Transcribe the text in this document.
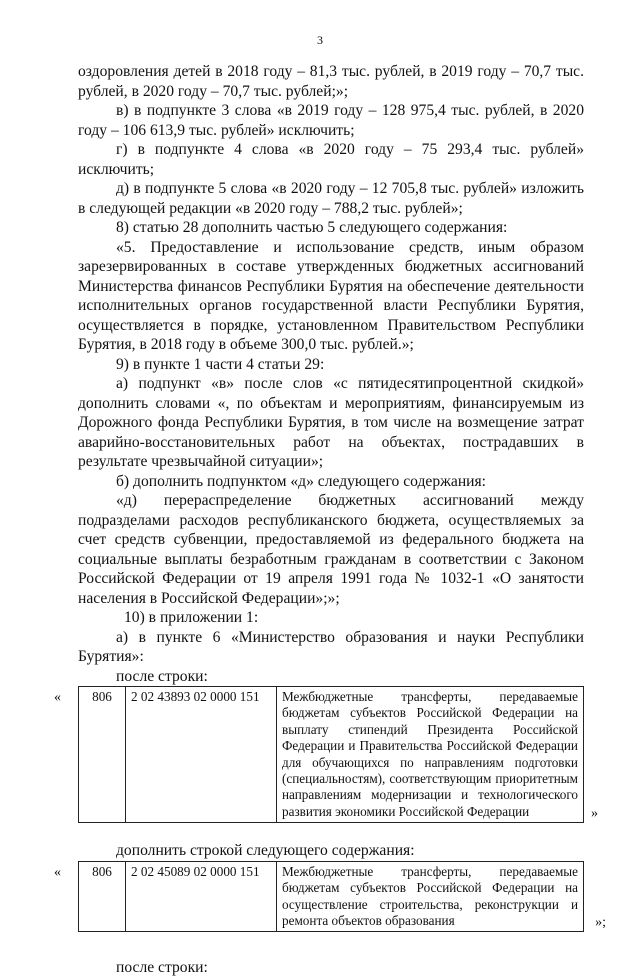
3

оздоровления детей в 2018 году – 81,3 тыс. рублей, в 2019 году – 70,7 тыс. рублей, в 2020 году – 70,7 тыс. рублей;»;

в) в подпункте 3 слова «в 2019 году – 128 975,4 тыс. рублей, в 2020 году – 106 613,9 тыс. рублей» исключить;

г) в подпункте 4 слова «в 2020 году – 75 293,4 тыс. рублей» исключить;

д) в подпункте 5 слова «в 2020 году – 12 705,8 тыс. рублей» изложить в следующей редакции «в 2020 году – 788,2 тыс. рублей»;

8) статью 28 дополнить частью 5 следующего содержания:

«5. Предоставление и использование средств, иным образом зарезервированных в составе утвержденных бюджетных ассигнований Министерства финансов Республики Бурятия на обеспечение деятельности исполнительных органов государственной власти Республики Бурятия, осуществляется в порядке, установленном Правительством Республики Бурятия, в 2018 году в объеме 300,0 тыс. рублей.»;

9) в пункте 1 части 4 статьи 29:

а) подпункт «в» после слов «с пятидесятипроцентной скидкой» дополнить словами «, по объектам и мероприятиям, финансируемым из Дорожного фонда Республики Бурятия, в том числе на возмещение затрат аварийно-восстановительных работ на объектах, пострадавших в результате чрезвычайной ситуации»;

б) дополнить подпунктом «д» следующего содержания:

«д) перераспределение бюджетных ассигнований между подразделами расходов республиканского бюджета, осуществляемых за счет средств субвенции, предоставляемой из федерального бюджета на социальные выплаты безработным гражданам в соответствии с Законом Российской Федерации от 19 апреля 1991 года № 1032-1 «О занятости населения в Российской Федерации»;»;

10) в приложении 1:

а) в пункте 6 «Министерство образования и науки Республики Бурятия»:

после строки:

« 806	2 02 43893 02 0000 151	Межбюджетные трансферты, передаваемые бюджетам субъектов Российской Федерации на выплату стипендий Президента Российской Федерации и Правительства Российской Федерации для обучающихся по направлениям подготовки (специальностям), соответствующим приоритетным направлениям модернизации и технологического развития экономики Российской Федерации	»

дополнить строкой следующего содержания:

« 806	2 02 45089 02 0000 151	Межбюджетные трансферты, передаваемые бюджетам субъектов Российской Федерации на осуществление строительства, реконструкции и ремонта объектов образования	»;

после строки:
